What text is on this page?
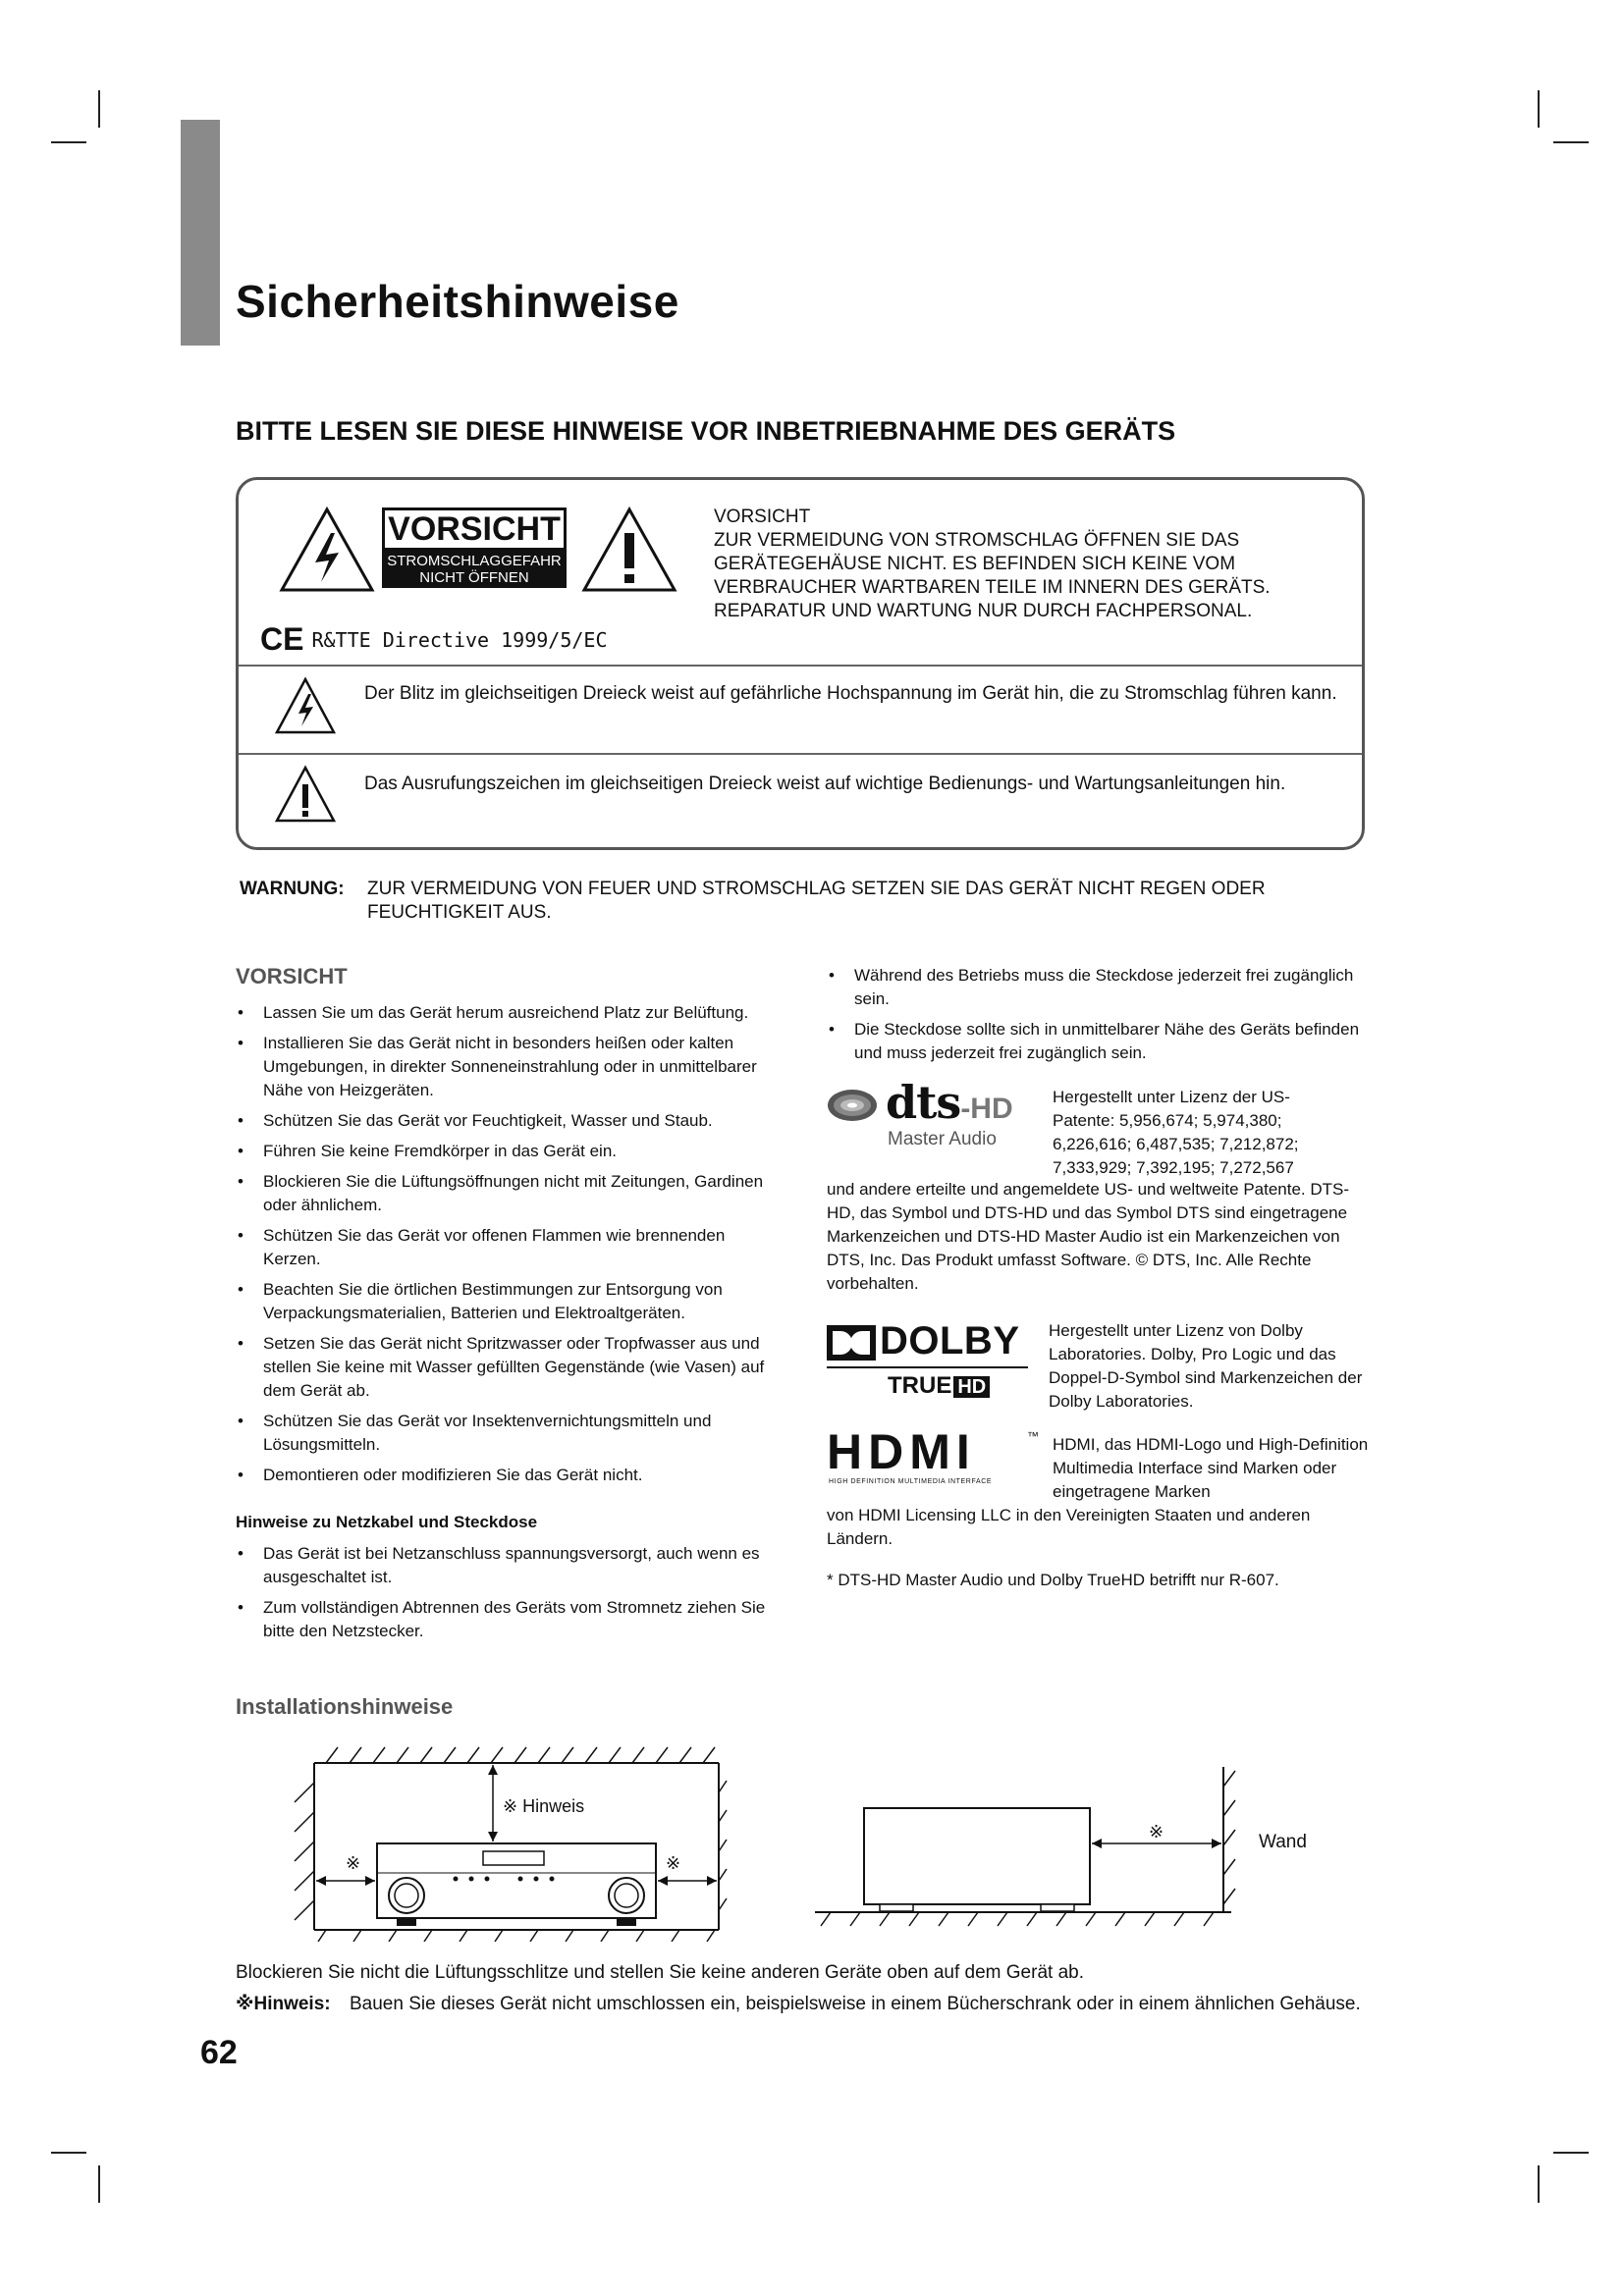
Sicherheitshinweise
BITTE LESEN SIE DIESE HINWEISE VOR INBETRIEBNAHME DES GERÄTS
VORSICHT
STROMSCHLAGGEFAHR
NICHT ÖFFNEN
CE R&TTE Directive 1999/5/EC
VORSICHT
ZUR VERMEIDUNG VON STROMSCHLAG ÖFFNEN SIE DAS
GERÄTEGEHÄUSE NICHT. ES BEFINDEN SICH KEINE VOM
VERBRAUCHER WARTBAREN TEILE IM INNERN DES GERÄTS.
REPARATUR UND WARTUNG NUR DURCH FACHPERSONAL.
Der Blitz im gleichseitigen Dreieck weist auf gefährliche Hochspannung im Gerät hin, die zu Stromschlag führen kann.
Das Ausrufungszeichen im gleichseitigen Dreieck weist auf wichtige Bedienungs- und Wartungsanleitungen hin.
WARNUNG:	ZUR VERMEIDUNG VON FEUER UND STROMSCHLAG SETZEN SIE DAS GERÄT NICHT REGEN ODER FEUCHTIGKEIT AUS.
VORSICHT
• Lassen Sie um das Gerät herum ausreichend Platz zur Belüftung.
• Installieren Sie das Gerät nicht in besonders heißen oder kalten Umgebungen, in direkter Sonneneinstrahlung oder in unmittelbarer Nähe von Heizgeräten.
• Schützen Sie das Gerät vor Feuchtigkeit, Wasser und Staub.
• Führen Sie keine Fremdkörper in das Gerät ein.
• Blockieren Sie die Lüftungsöffnungen nicht mit Zeitungen, Gardinen oder ähnlichem.
• Schützen Sie das Gerät vor offenen Flammen wie brennenden Kerzen.
• Beachten Sie die örtlichen Bestimmungen zur Entsorgung von Verpackungsmaterialien, Batterien und Elektroaltgeräten.
• Setzen Sie das Gerät nicht Spritzwasser oder Tropfwasser aus und stellen Sie keine mit Wasser gefüllten Gegenstände (wie Vasen) auf dem Gerät ab.
• Schützen Sie das Gerät vor Insektenvernichtungsmitteln und Lösungsmitteln.
• Demontieren oder modifizieren Sie das Gerät nicht.
Hinweise zu Netzkabel und Steckdose
• Das Gerät ist bei Netzanschluss spannungsversorgt, auch wenn es ausgeschaltet ist.
• Zum vollständigen Abtrennen des Geräts vom Stromnetz ziehen Sie bitte den Netzstecker.
• Während des Betriebs muss die Steckdose jederzeit frei zugänglich sein.
• Die Steckdose sollte sich in unmittelbarer Nähe des Geräts befinden und muss jederzeit frei zugänglich sein.
dts-HD
Master Audio
Hergestellt unter Lizenz der US-
Patente: 5,956,674; 5,974,380;
6,226,616; 6,487,535; 7,212,872;
7,333,929; 7,392,195; 7,272,567
und andere erteilte und angemeldete US- und weltweite Patente. DTS-HD, das Symbol und DTS-HD und das Symbol DTS sind eingetragene Markenzeichen und DTS-HD Master Audio ist ein Markenzeichen von DTS, Inc. Das Produkt umfasst Software. © DTS, Inc. Alle Rechte vorbehalten.
DOLBY
TRUE HD
Hergestellt unter Lizenz von Dolby Laboratories. Dolby, Pro Logic und das Doppel-D-Symbol sind Markenzeichen der Dolby Laboratories.
HDMI	™
HIGH DEFINITION MULTIMEDIA INTERFACE
HDMI, das HDMI-Logo und High-Definition Multimedia Interface sind Marken oder eingetragene Marken
von HDMI Licensing LLC in den Vereinigten Staaten und anderen Ländern.
* DTS-HD Master Audio und Dolby TrueHD betrifft nur R-607.
Installationshinweise
※ Hinweis
※	※
※	Wand
Blockieren Sie nicht die Lüftungsschlitze und stellen Sie keine anderen Geräte oben auf dem Gerät ab.
※Hinweis:	Bauen Sie dieses Gerät nicht umschlossen ein, beispielsweise in einem Bücherschrank oder in einem ähnlichen Gehäuse.
62
